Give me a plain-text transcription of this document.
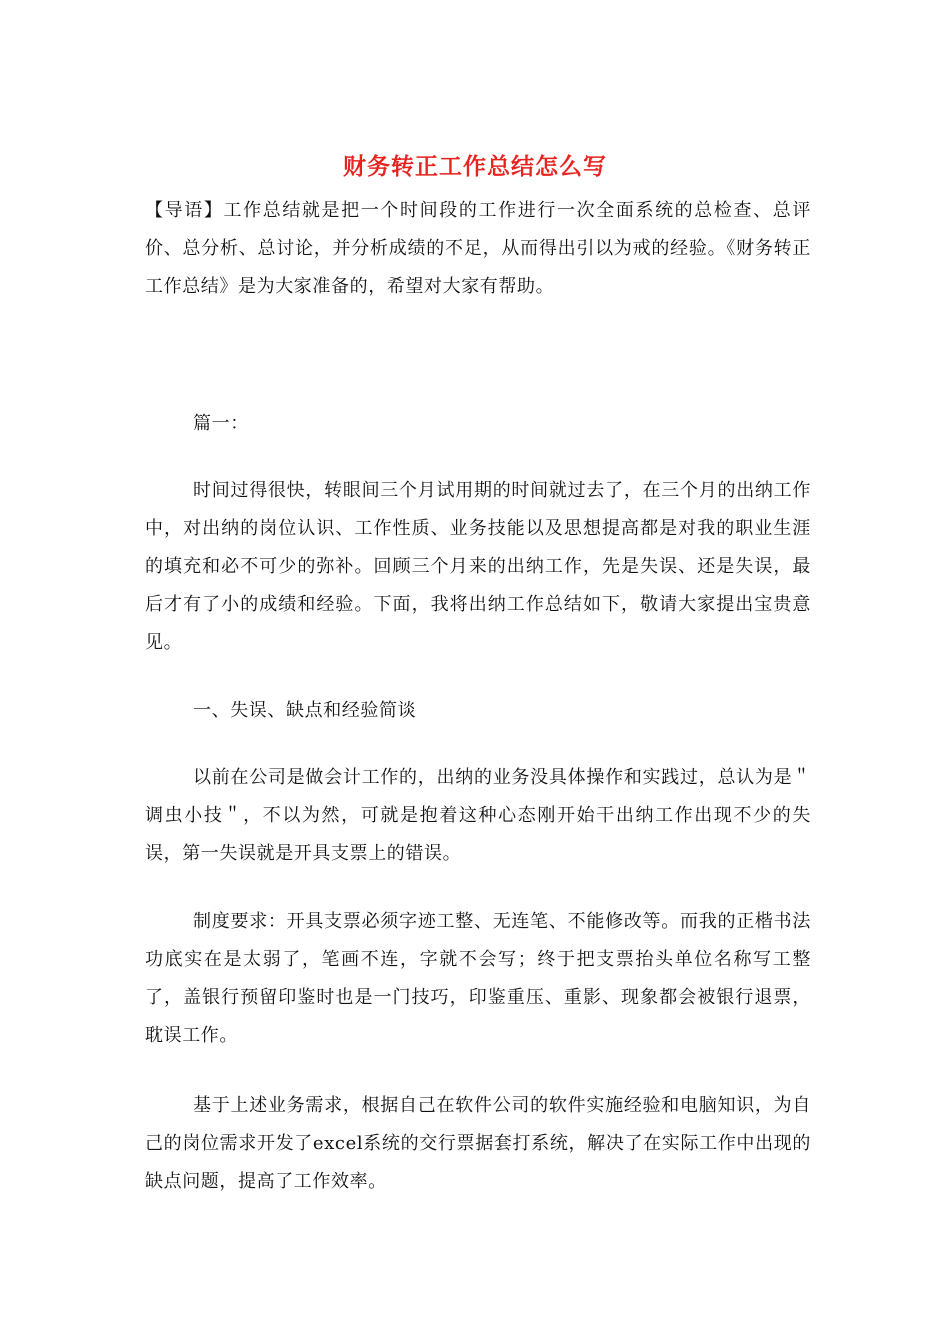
财务转正工作总结怎么写
【导语】工作总结就是把一个时间段的工作进行一次全面系统的总检查、总评价、总分析、总讨论，并分析成绩的不足，从而得出引以为戒的经验。《财务转正工作总结》是为大家准备的，希望对大家有帮助。
篇一：
时间过得很快，转眼间三个月试用期的时间就过去了，在三个月的出纳工作中，对出纳的岗位认识、工作性质、业务技能以及思想提高都是对我的职业生涯的填充和必不可少的弥补。回顾三个月来的出纳工作，先是失误、还是失误，最后才有了小的成绩和经验。下面，我将出纳工作总结如下，敬请大家提出宝贵意见。
一、失误、缺点和经验简谈
以前在公司是做会计工作的，出纳的业务没具体操作和实践过，总认为是＂调虫小技＂，不以为然，可就是抱着这种心态刚开始干出纳工作出现不少的失误，第一失误就是开具支票上的错误。
制度要求：开具支票必须字迹工整、无连笔、不能修改等。而我的正楷书法功底实在是太弱了，笔画不连，字就不会写；终于把支票抬头单位名称写工整了，盖银行预留印鉴时也是一门技巧，印鉴重压、重影、现象都会被银行退票，耽误工作。
基于上述业务需求，根据自己在软件公司的软件实施经验和电脑知识，为自己的岗位需求开发了excel系统的交行票据套打系统，解决了在实际工作中出现的缺点问题，提高了工作效率。
